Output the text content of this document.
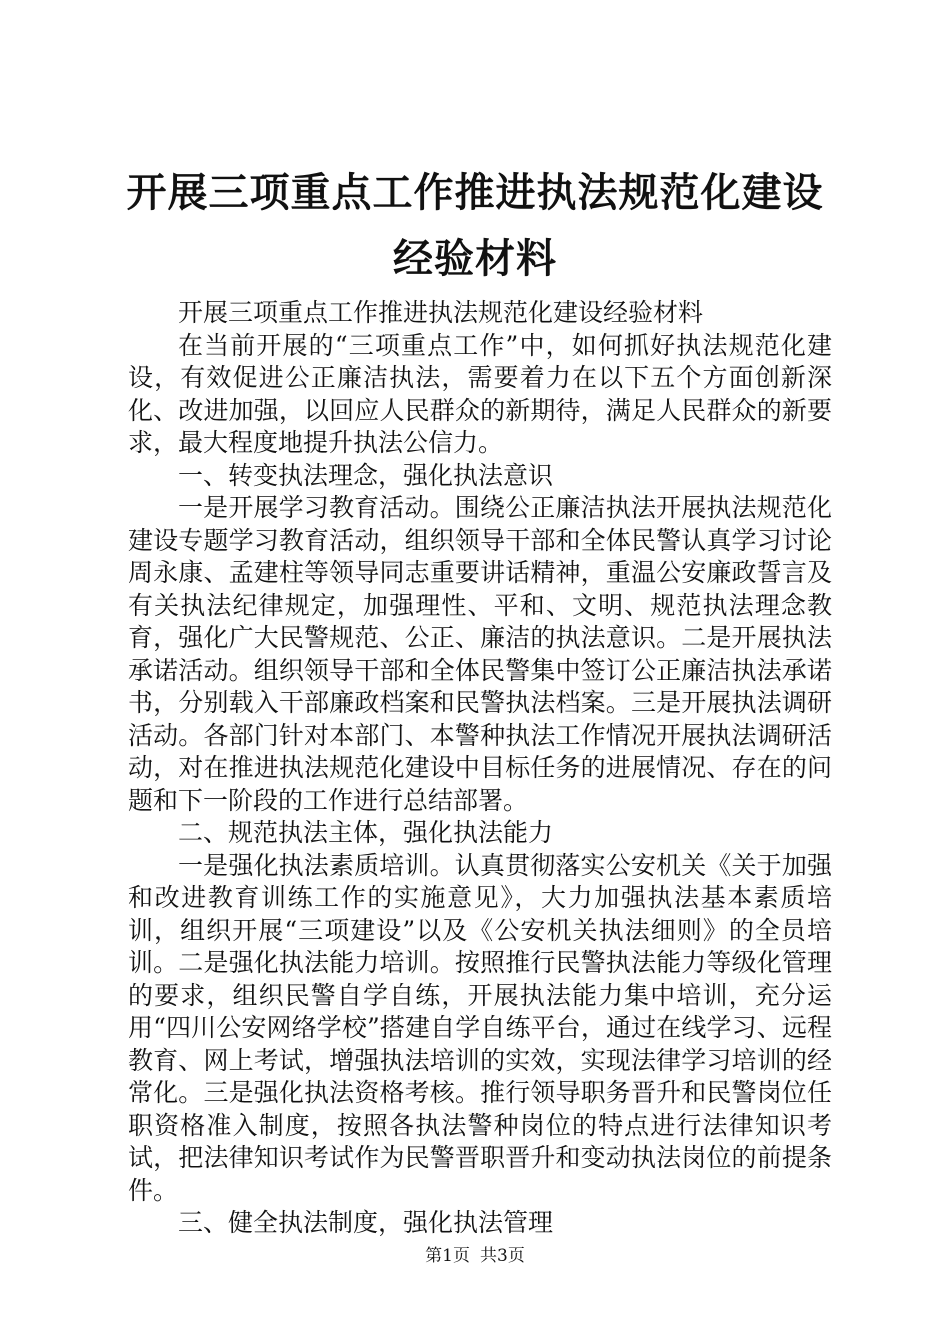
开展三项重点工作推进执法规范化建设经验材料

开展三项重点工作推进执法规范化建设经验材料

在当前开展的“三项重点工作”中，如何抓好执法规范化建设，有效促进公正廉洁执法，需要着力在以下五个方面创新深化、改进加强，以回应人民群众的新期待，满足人民群众的新要求，最大程度地提升执法公信力。

一、转变执法理念，强化执法意识

一是开展学习教育活动。围绕公正廉洁执法开展执法规范化建设专题学习教育活动，组织领导干部和全体民警认真学习讨论周永康、孟建柱等领导同志重要讲话精神，重温公安廉政誓言及有关执法纪律规定，加强理性、平和、文明、规范执法理念教育，强化广大民警规范、公正、廉洁的执法意识。二是开展执法承诺活动。组织领导干部和全体民警集中签订公正廉洁执法承诺书，分别载入干部廉政档案和民警执法档案。三是开展执法调研活动。各部门针对本部门、本警种执法工作情况开展执法调研活动，对在推进执法规范化建设中目标任务的进展情况、存在的问题和下一阶段的工作进行总结部署。

二、规范执法主体，强化执法能力

一是强化执法素质培训。认真贯彻落实公安机关《关于加强和改进教育训练工作的实施意见》，大力加强执法基本素质培训，组织开展“三项建设”以及《公安机关执法细则》的全员培训。二是强化执法能力培训。按照推行民警执法能力等级化管理的要求，组织民警自学自练，开展执法能力集中培训，充分运用“四川公安网络学校”搭建自学自练平台，通过在线学习、远程教育、网上考试，增强执法培训的实效，实现法律学习培训的经常化。三是强化执法资格考核。推行领导职务晋升和民警岗位任职资格准入制度，按照各执法警种岗位的特点进行法律知识考试，把法律知识考试作为民警晋职晋升和变动执法岗位的前提条件。

三、健全执法制度，强化执法管理

第1页 共3页
